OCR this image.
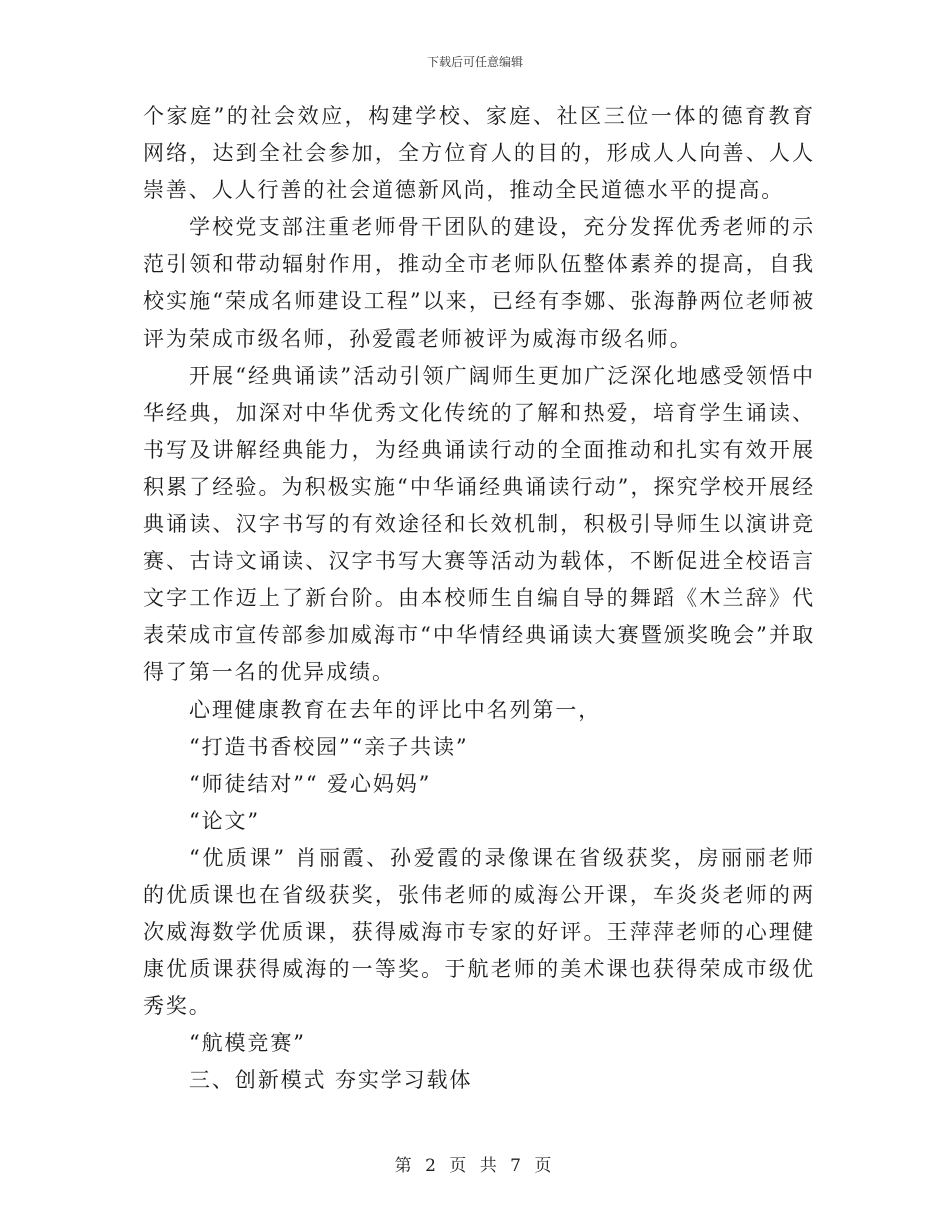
下载后可任意编辑

个家庭”的社会效应，构建学校、家庭、社区三位一体的德育教育网络，达到全社会参加，全方位育人的目的，形成人人向善、人人崇善、人人行善的社会道德新风尚，推动全民道德水平的提高。

学校党支部注重老师骨干团队的建设，充分发挥优秀老师的示范引领和带动辐射作用，推动全市老师队伍整体素养的提高，自我校实施“荣成名师建设工程”以来，已经有李娜、张海静两位老师被评为荣成市级名师，孙爱霞老师被评为威海市级名师。

开展“经典诵读”活动引领广阔师生更加广泛深化地感受领悟中华经典，加深对中华优秀文化传统的了解和热爱，培育学生诵读、书写及讲解经典能力，为经典诵读行动的全面推动和扎实有效开展积累了经验。为积极实施“中华诵经典诵读行动”，探究学校开展经典诵读、汉字书写的有效途径和长效机制，积极引导师生以演讲竞赛、古诗文诵读、汉字书写大赛等活动为载体，不断促进全校语言文字工作迈上了新台阶。由本校师生自编自导的舞蹈《木兰辞》代表荣成市宣传部参加威海市“中华情经典诵读大赛暨颁奖晚会”并取得了第一名的优异成绩。

心理健康教育在去年的评比中名列第一，

“打造书香校园”“亲子共读”

“师徒结对”“ 爱心妈妈”

“论文”

“优质课” 肖丽霞、孙爱霞的录像课在省级获奖，房丽丽老师的优质课也在省级获奖，张伟老师的威海公开课，车炎炎老师的两次威海数学优质课，获得威海市专家的好评。王萍萍老师的心理健康优质课获得威海的一等奖。于航老师的美术课也获得荣成市级优秀奖。

“航模竞赛”

三、创新模式 夯实学习载体

第 2 页 共 7 页
